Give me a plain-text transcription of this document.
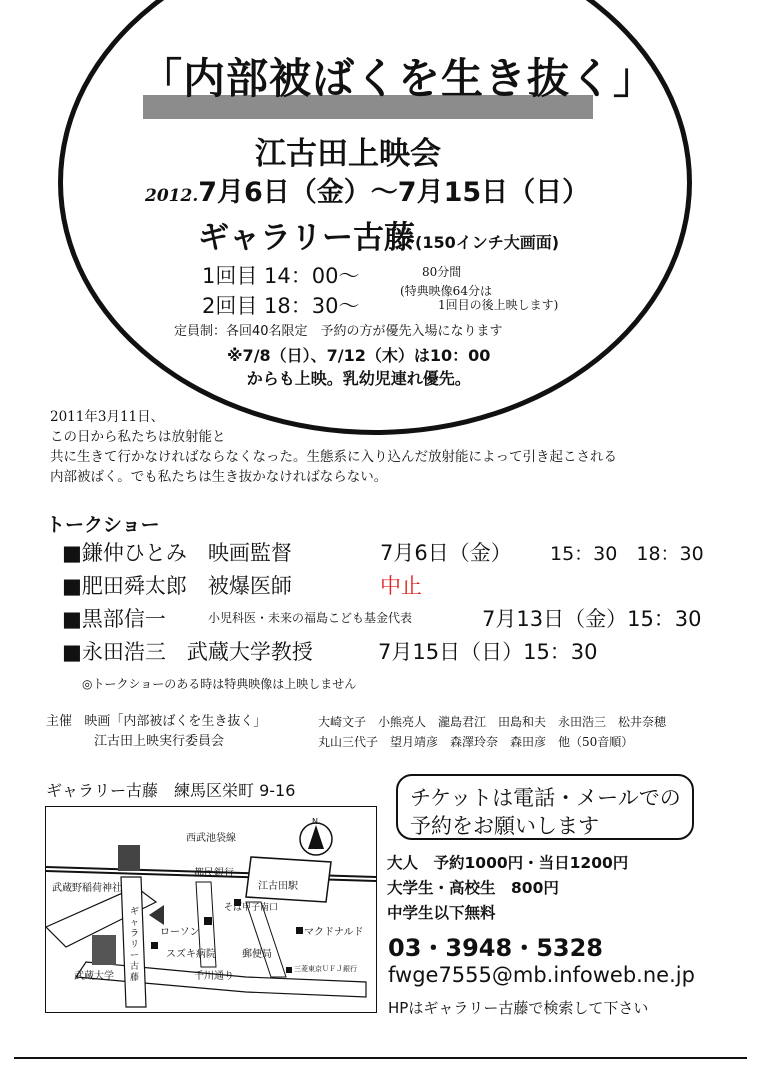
「内部被ばくを生き抜く」
江古田上映会
2012.7月6日（金）～7月15日（日）
ギャラリー古藤(150インチ大画面)
1回目 14：00～
2回目 18：30～
80分間
(特典映像64分は
1回目の後上映します)
定員制：各回40名限定　予約の方が優先入場になります
※7/8（日）、7/12（木）は10：00
からも上映。乳幼児連れ優先。
2011年3月11日、
この日から私たちは放射能と
共に生きて行かなければならなくなった。生態系に入り込んだ放射能によって引き起こされる
内部被ばく。でも私たちは生き抜かなければならない。
トークショー
■鎌仲ひとみ　映画監督	7月6日（金） 15：30　18：30
■肥田舜太郎　被爆医師	中止
■黒部信一	小児科医・未来の福島こども基金代表	7月13日（金）15：30
■永田浩三　武蔵大学教授	7月15日（日）15：30
◎トークショーのある時は特典映像は上映しません
主催 映画「内部被ばくを生き抜く」
江古田上映実行委員会
大崎文子　小熊亮人　瀧島君江　田島和夫　永田浩三　松井奈穂
丸山三代子　望月靖彦　森澤玲奈　森田彦　他（50音順）
ギャラリー古藤　練馬区栄町 9-16
西武池袋線
江古田駅
武蔵野稲荷神社
武蔵大学
ギャラリー古藤	千川通り
都民銀行
そば甲子南口
ローソン
スズキ病院	郵便局
マクドナルド
三菱東京ＵＦＪ銀行
N
チケットは電話・メールでの
予約をお願いします
大人　予約1000円・当日1200円
大学生・高校生　800円
中学生以下無料
03・3948・5328
fwge7555@mb.infoweb.ne.jp
HPはギャラリー古藤で検索して下さい
